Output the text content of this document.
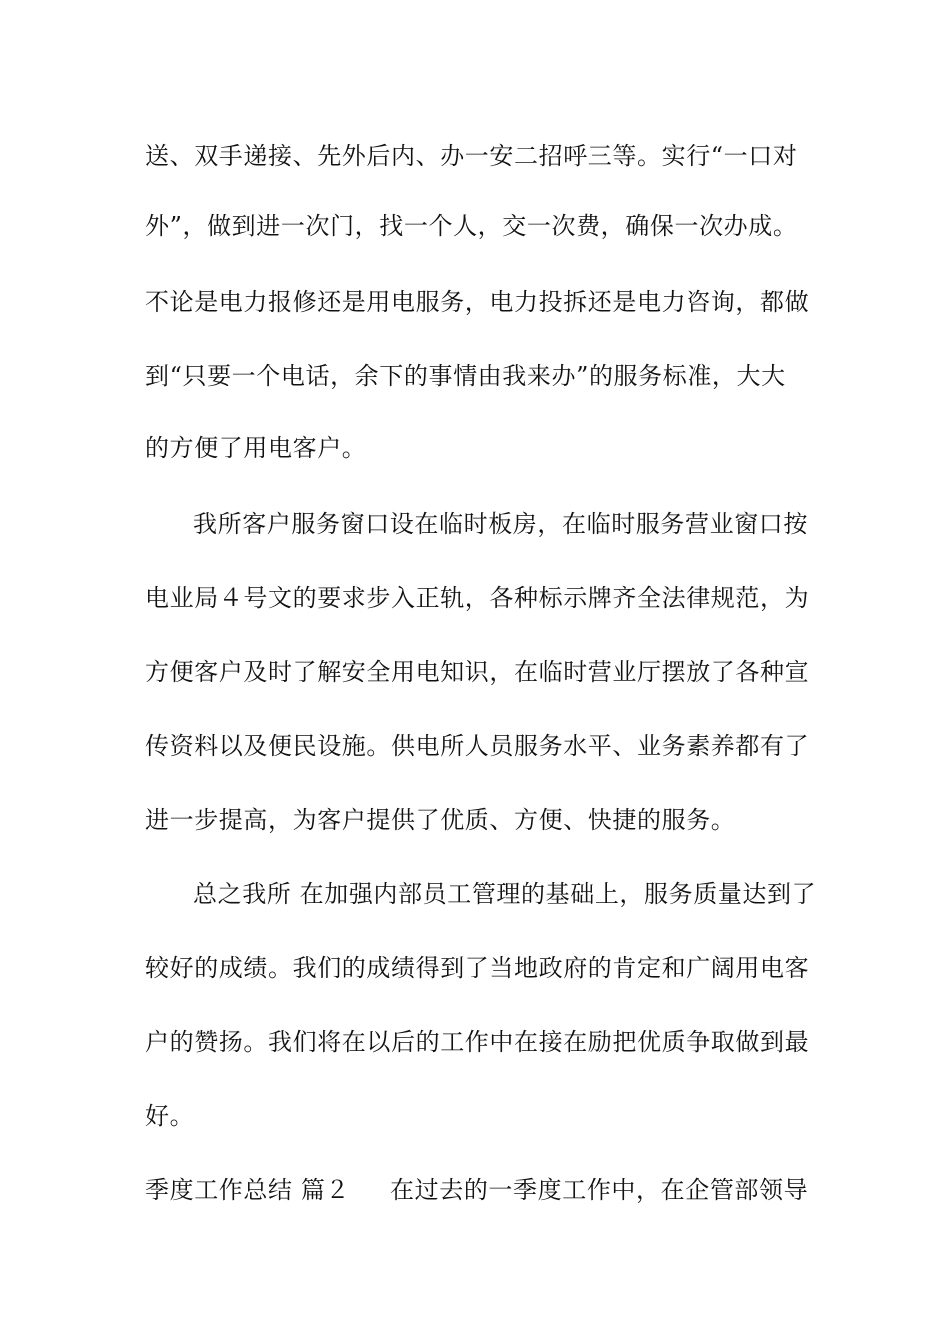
送、双手递接、先外后内、办一安二招呼三等。实行“一口对
外”，做到进一次门，找一个人，交一次费，确保一次办成。
不论是电力报修还是用电服务，电力投拆还是电力咨询，都做
到“只要一个电话，余下的事情由我来办”的服务标准，大大
的方便了用电客户。
我所客户服务窗口设在临时板房，在临时服务营业窗口按
电业局４号文的要求步入正轨，各种标示牌齐全法律规范，为
方便客户及时了解安全用电知识，在临时营业厅摆放了各种宣
传资料以及便民设施。供电所人员服务水平、业务素养都有了
进一步提高，为客户提供了优质、方便、快捷的服务。
总之我所 在加强内部员工管理的基础上，服务质量达到了
较好的成绩。我们的成绩得到了当地政府的肯定和广阔用电客
户的赞扬。我们将在以后的工作中在接在励把优质争取做到最
好。
季度工作总结 篇２ 在过去的一季度工作中，在企管部领导
